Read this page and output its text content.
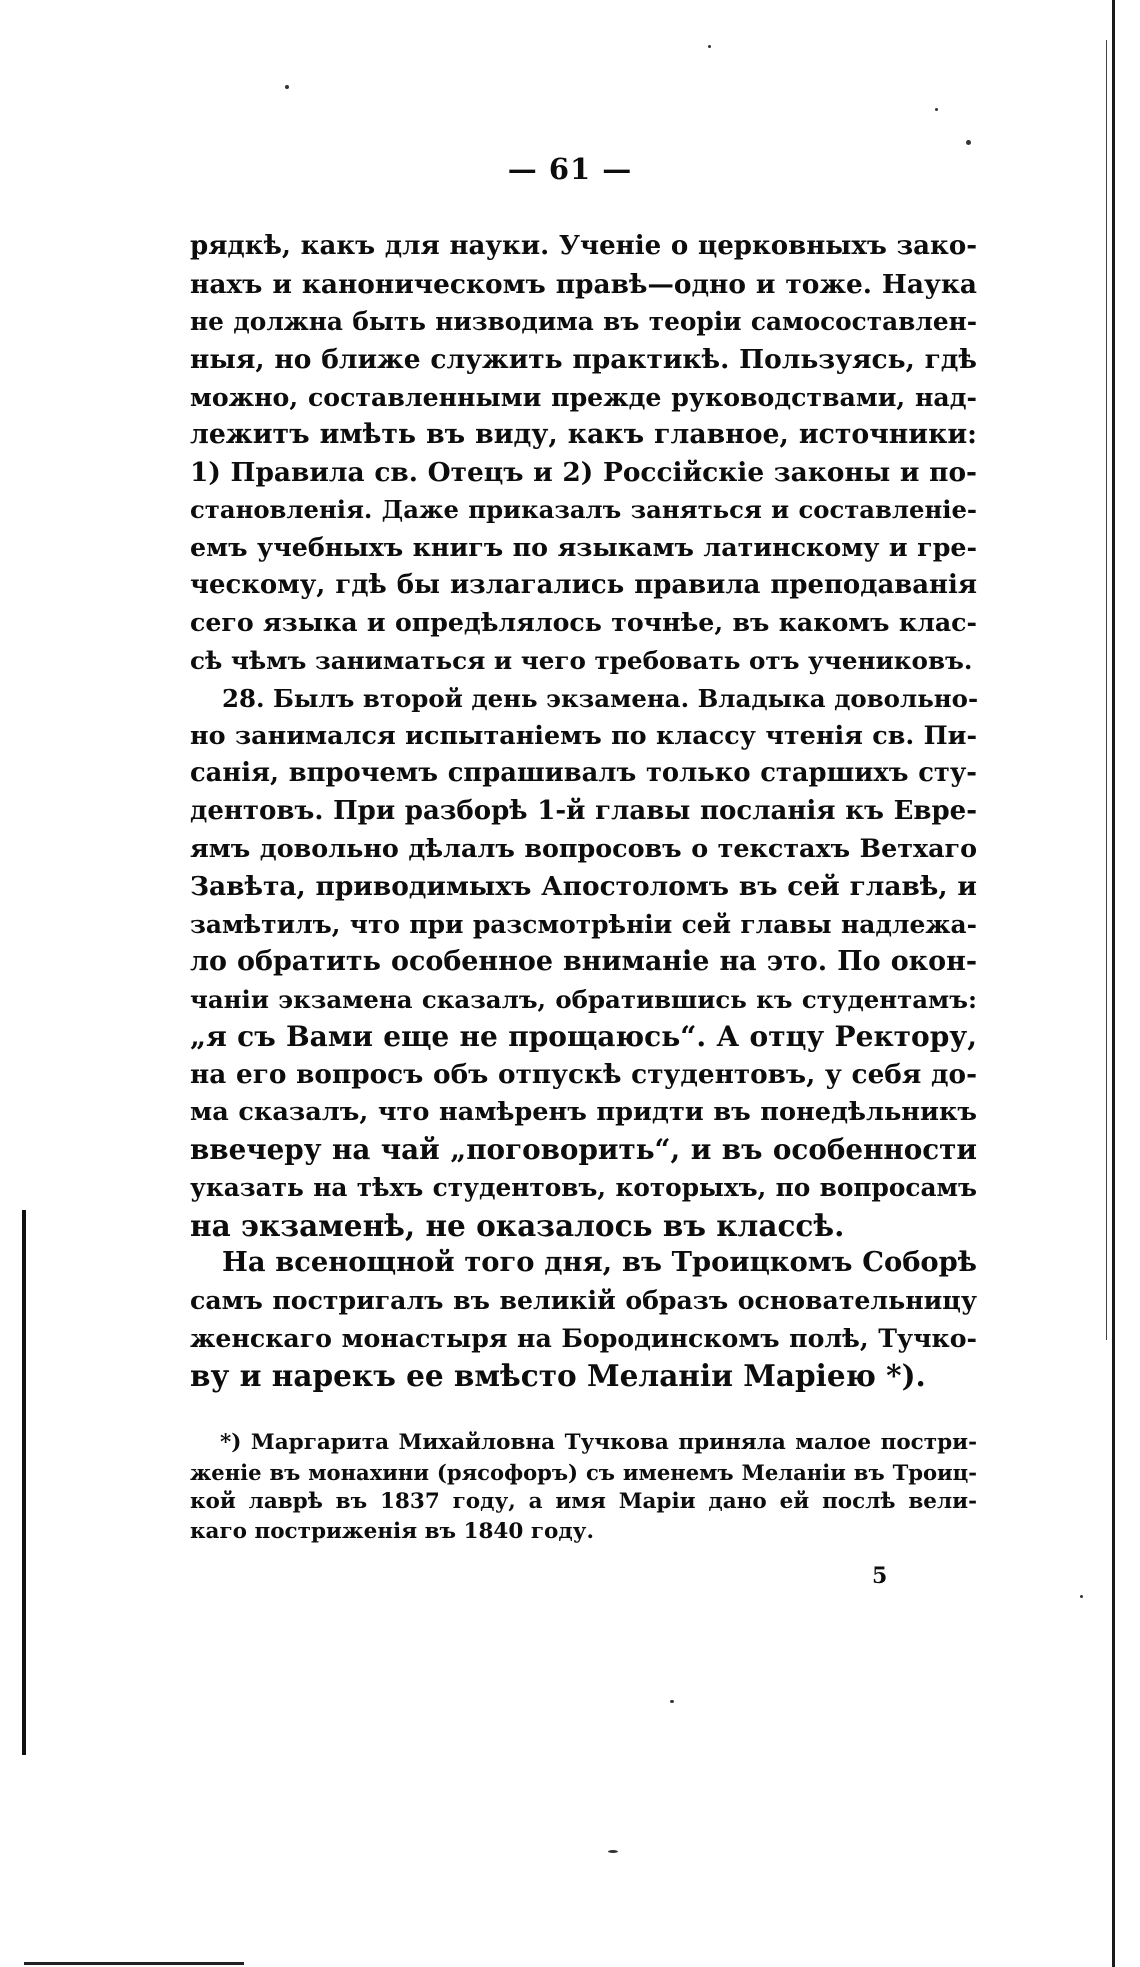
— 61 —
рядкѣ, какъ для науки. Ученіе о церковныхъ зако-
нахъ и каноническомъ правѣ—одно и тоже. Наука
не должна быть низводима въ теоріи самосоставлен-
ныя, но ближе служить практикѣ. Пользуясь, гдѣ
можно, составленными прежде руководствами, над-
лежитъ имѣть въ виду, какъ главное, источники:
1) Правила св. Отецъ и 2) Россійскіе законы и по-
становленія. Даже приказалъ заняться и составленіе-
емъ учебныхъ книгъ по языкамъ латинскому и гре-
ческому, гдѣ бы излагались правила преподаванія
сего языка и опредѣлялось точнѣе, въ какомъ клас-
сѣ чѣмъ заниматься и чего требовать отъ учениковъ.
28. Былъ второй день экзамена. Владыка довольно-
но занимался испытаніемъ по классу чтенія св. Пи-
санія, впрочемъ спрашивалъ только старшихъ сту-
дентовъ. При разборѣ 1-й главы посланія къ Евре-
ямъ довольно дѣлалъ вопросовъ о текстахъ Ветхаго
Завѣта, приводимыхъ Апостоломъ въ сей главѣ, и
замѣтилъ, что при разсмотрѣніи сей главы надлежа-
ло обратить особенное вниманіе на это. По окон-
чаніи экзамена сказалъ, обратившись къ студентамъ:
„я съ Вами еще не прощаюсь“. А отцу Ректору,
на его вопросъ объ отпускѣ студентовъ, у себя до-
ма сказалъ, что намѣренъ придти въ понедѣльникъ
ввечеру на чай „поговорить“, и въ особенности
указать на тѣхъ студентовъ, которыхъ, по вопросамъ
на экзаменѣ, не оказалось въ классѣ.
На всенощной того дня, въ Троицкомъ Соборѣ
самъ постригалъ въ великій образъ основательницу
женскаго монастыря на Бородинскомъ полѣ, Тучко-
ву и нарекъ ее вмѣсто Меланіи Маріею *).
*) Маргарита Михайловна Тучкова приняла малое постри-
женіе въ монахини (рясофоръ) съ именемъ Меланіи въ Троиц-
кой лаврѣ въ 1837 году, а имя Маріи дано ей послѣ вели-
каго постриженія въ 1840 году.
5
